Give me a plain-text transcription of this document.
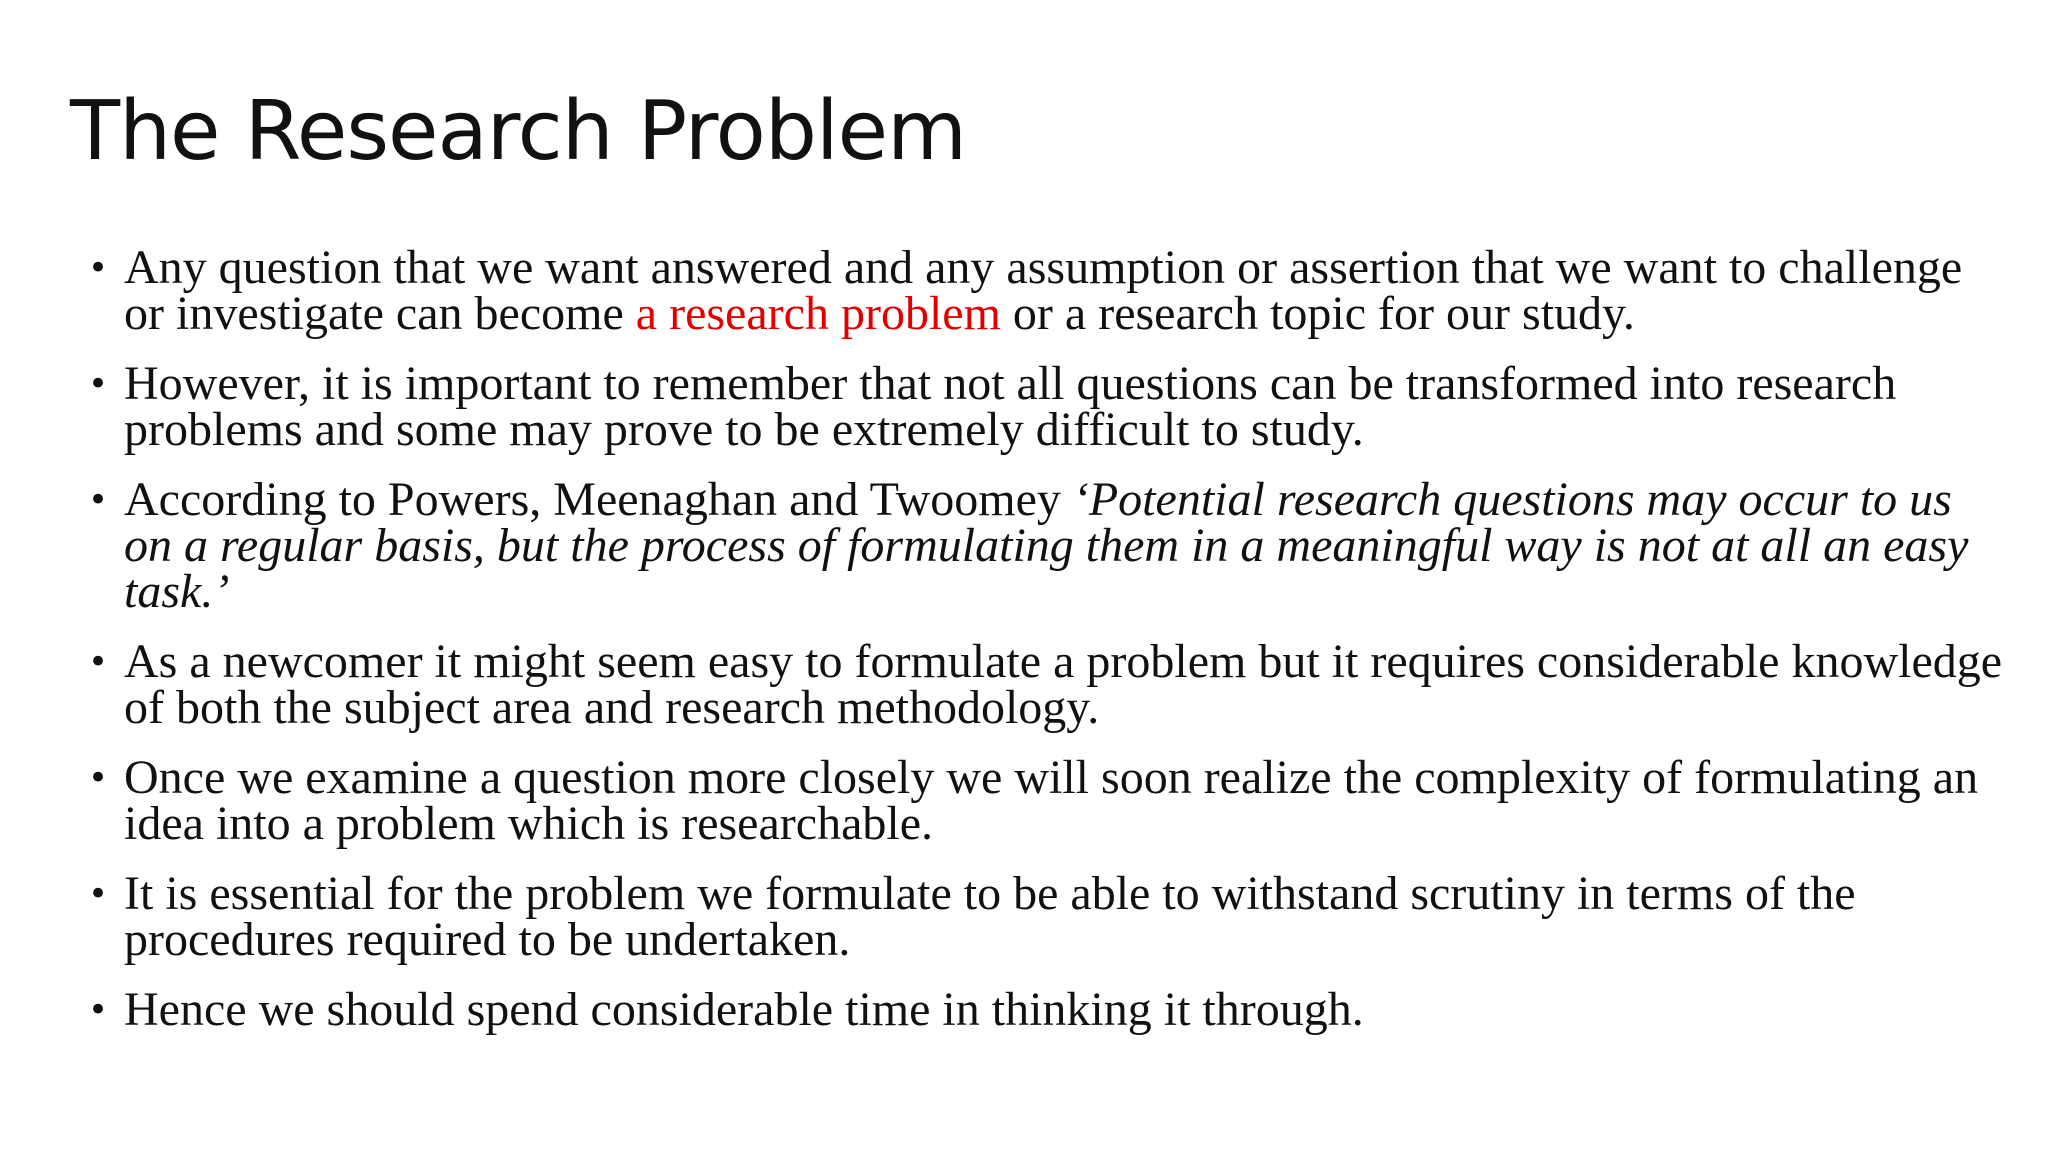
The Research Problem
• Any question that we want answered and any assumption or assertion that we want to challenge or investigate can become a research problem or a research topic for our study.
• However, it is important to remember that not all questions can be transformed into research problems and some may prove to be extremely difficult to study.
• According to Powers, Meenaghan and Twoomey ‘Potential research questions may occur to us on a regular basis, but the process of formulating them in a meaningful way is not at all an easy task.’
• As a newcomer it might seem easy to formulate a problem but it requires considerable knowledge of both the subject area and research methodology.
• Once we examine a question more closely we will soon realize the complexity of formulating an idea into a problem which is researchable.
• It is essential for the problem we formulate to be able to withstand scrutiny in terms of the procedures required to be undertaken.
• Hence we should spend considerable time in thinking it through.
